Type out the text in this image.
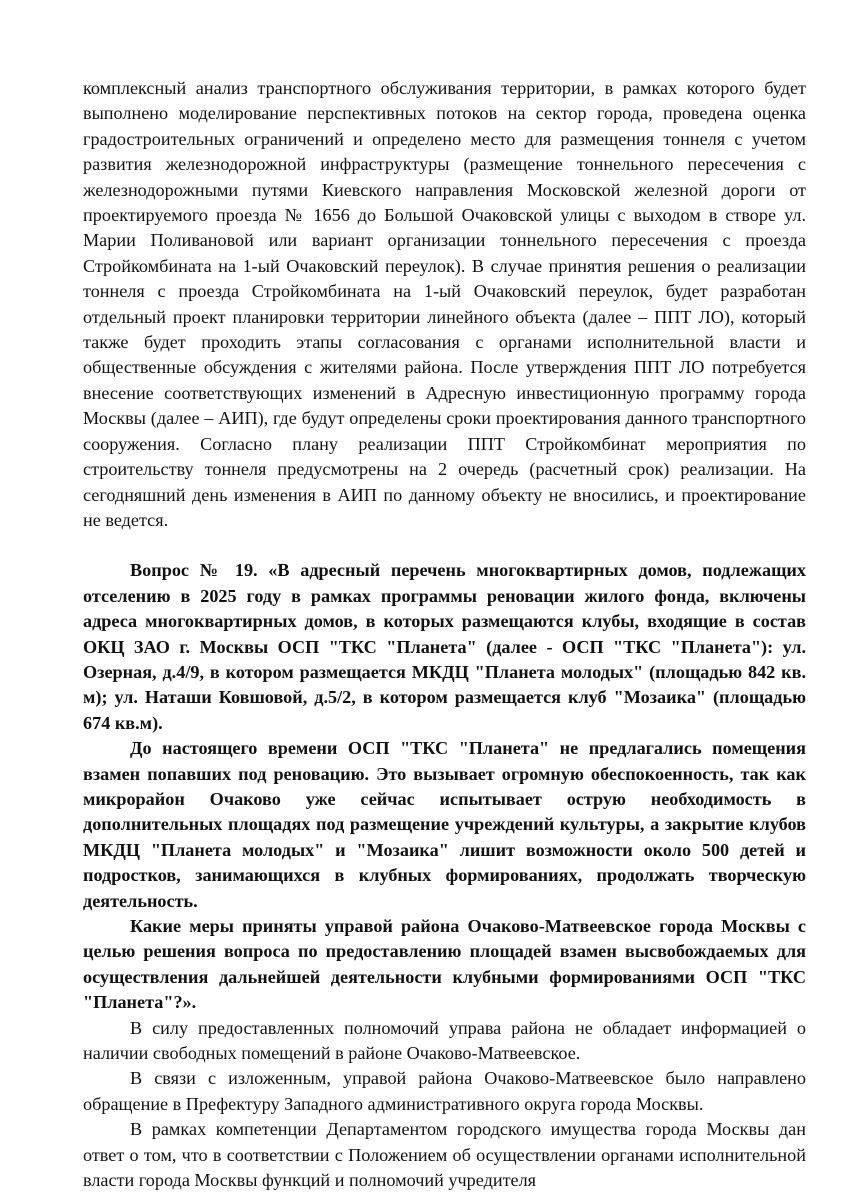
комплексный анализ транспортного обслуживания территории, в рамках которого будет выполнено моделирование перспективных потоков на сектор города, проведена оценка градостроительных ограничений и определено место для размещения тоннеля с учетом развития железнодорожной инфраструктуры (размещение тоннельного пересечения с железнодорожными путями Киевского направления Московской железной дороги от проектируемого проезда № 1656 до Большой Очаковской улицы с выходом в створе ул. Марии Поливановой или вариант организации тоннельного пересечения с проезда Стройкомбината на 1-ый Очаковский переулок). В случае принятия решения о реализации тоннеля с проезда Стройкомбината на 1-ый Очаковский переулок, будет разработан отдельный проект планировки территории линейного объекта (далее – ППТ ЛО), который также будет проходить этапы согласования с органами исполнительной власти и общественные обсуждения с жителями района. После утверждения ППТ ЛО потребуется внесение соответствующих изменений в Адресную инвестиционную программу города Москвы (далее – АИП), где будут определены сроки проектирования данного транспортного сооружения. Согласно плану реализации ППТ Стройкомбинат мероприятия по строительству тоннеля предусмотрены на 2 очередь (расчетный срок) реализации. На сегодняшний день изменения в АИП по данному объекту не вносились, и проектирование не ведется.

Вопрос № 19. «В адресный перечень многоквартирных домов, подлежащих отселению в 2025 году в рамках программы реновации жилого фонда, включены адреса многоквартирных домов, в которых размещаются клубы, входящие в состав ОКЦ ЗАО г. Москвы ОСП "ТКС "Планета" (далее - ОСП "ТКС "Планета"): ул. Озерная, д.4/9, в котором размещается МКДЦ "Планета молодых" (площадью 842 кв. м); ул. Наташи Ковшовой, д.5/2, в котором размещается клуб "Мозаика" (площадью 674 кв.м).

До настоящего времени ОСП "ТКС "Планета" не предлагались помещения взамен попавших под реновацию. Это вызывает огромную обеспокоенность, так как микрорайон Очаково уже сейчас испытывает острую необходимость в дополнительных площадях под размещение учреждений культуры, а закрытие клубов МКДЦ "Планета молодых" и "Мозаика" лишит возможности около 500 детей и подростков, занимающихся в клубных формированиях, продолжать творческую деятельность.

Какие меры приняты управой района Очаково-Матвеевское города Москвы с целью решения вопроса по предоставлению площадей взамен высвобождаемых для осуществления дальнейшей деятельности клубными формированиями ОСП "ТКС "Планета"?».

В силу предоставленных полномочий управа района не обладает информацией о наличии свободных помещений в районе Очаково-Матвеевское.

В связи с изложенным, управой района Очаково-Матвеевское было направлено обращение в Префектуру Западного административного округа города Москвы.

В рамках компетенции Департаментом городского имущества города Москвы дан ответ о том, что в соответствии с Положением об осуществлении органами исполнительной власти города Москвы функций и полномочий учредителя
